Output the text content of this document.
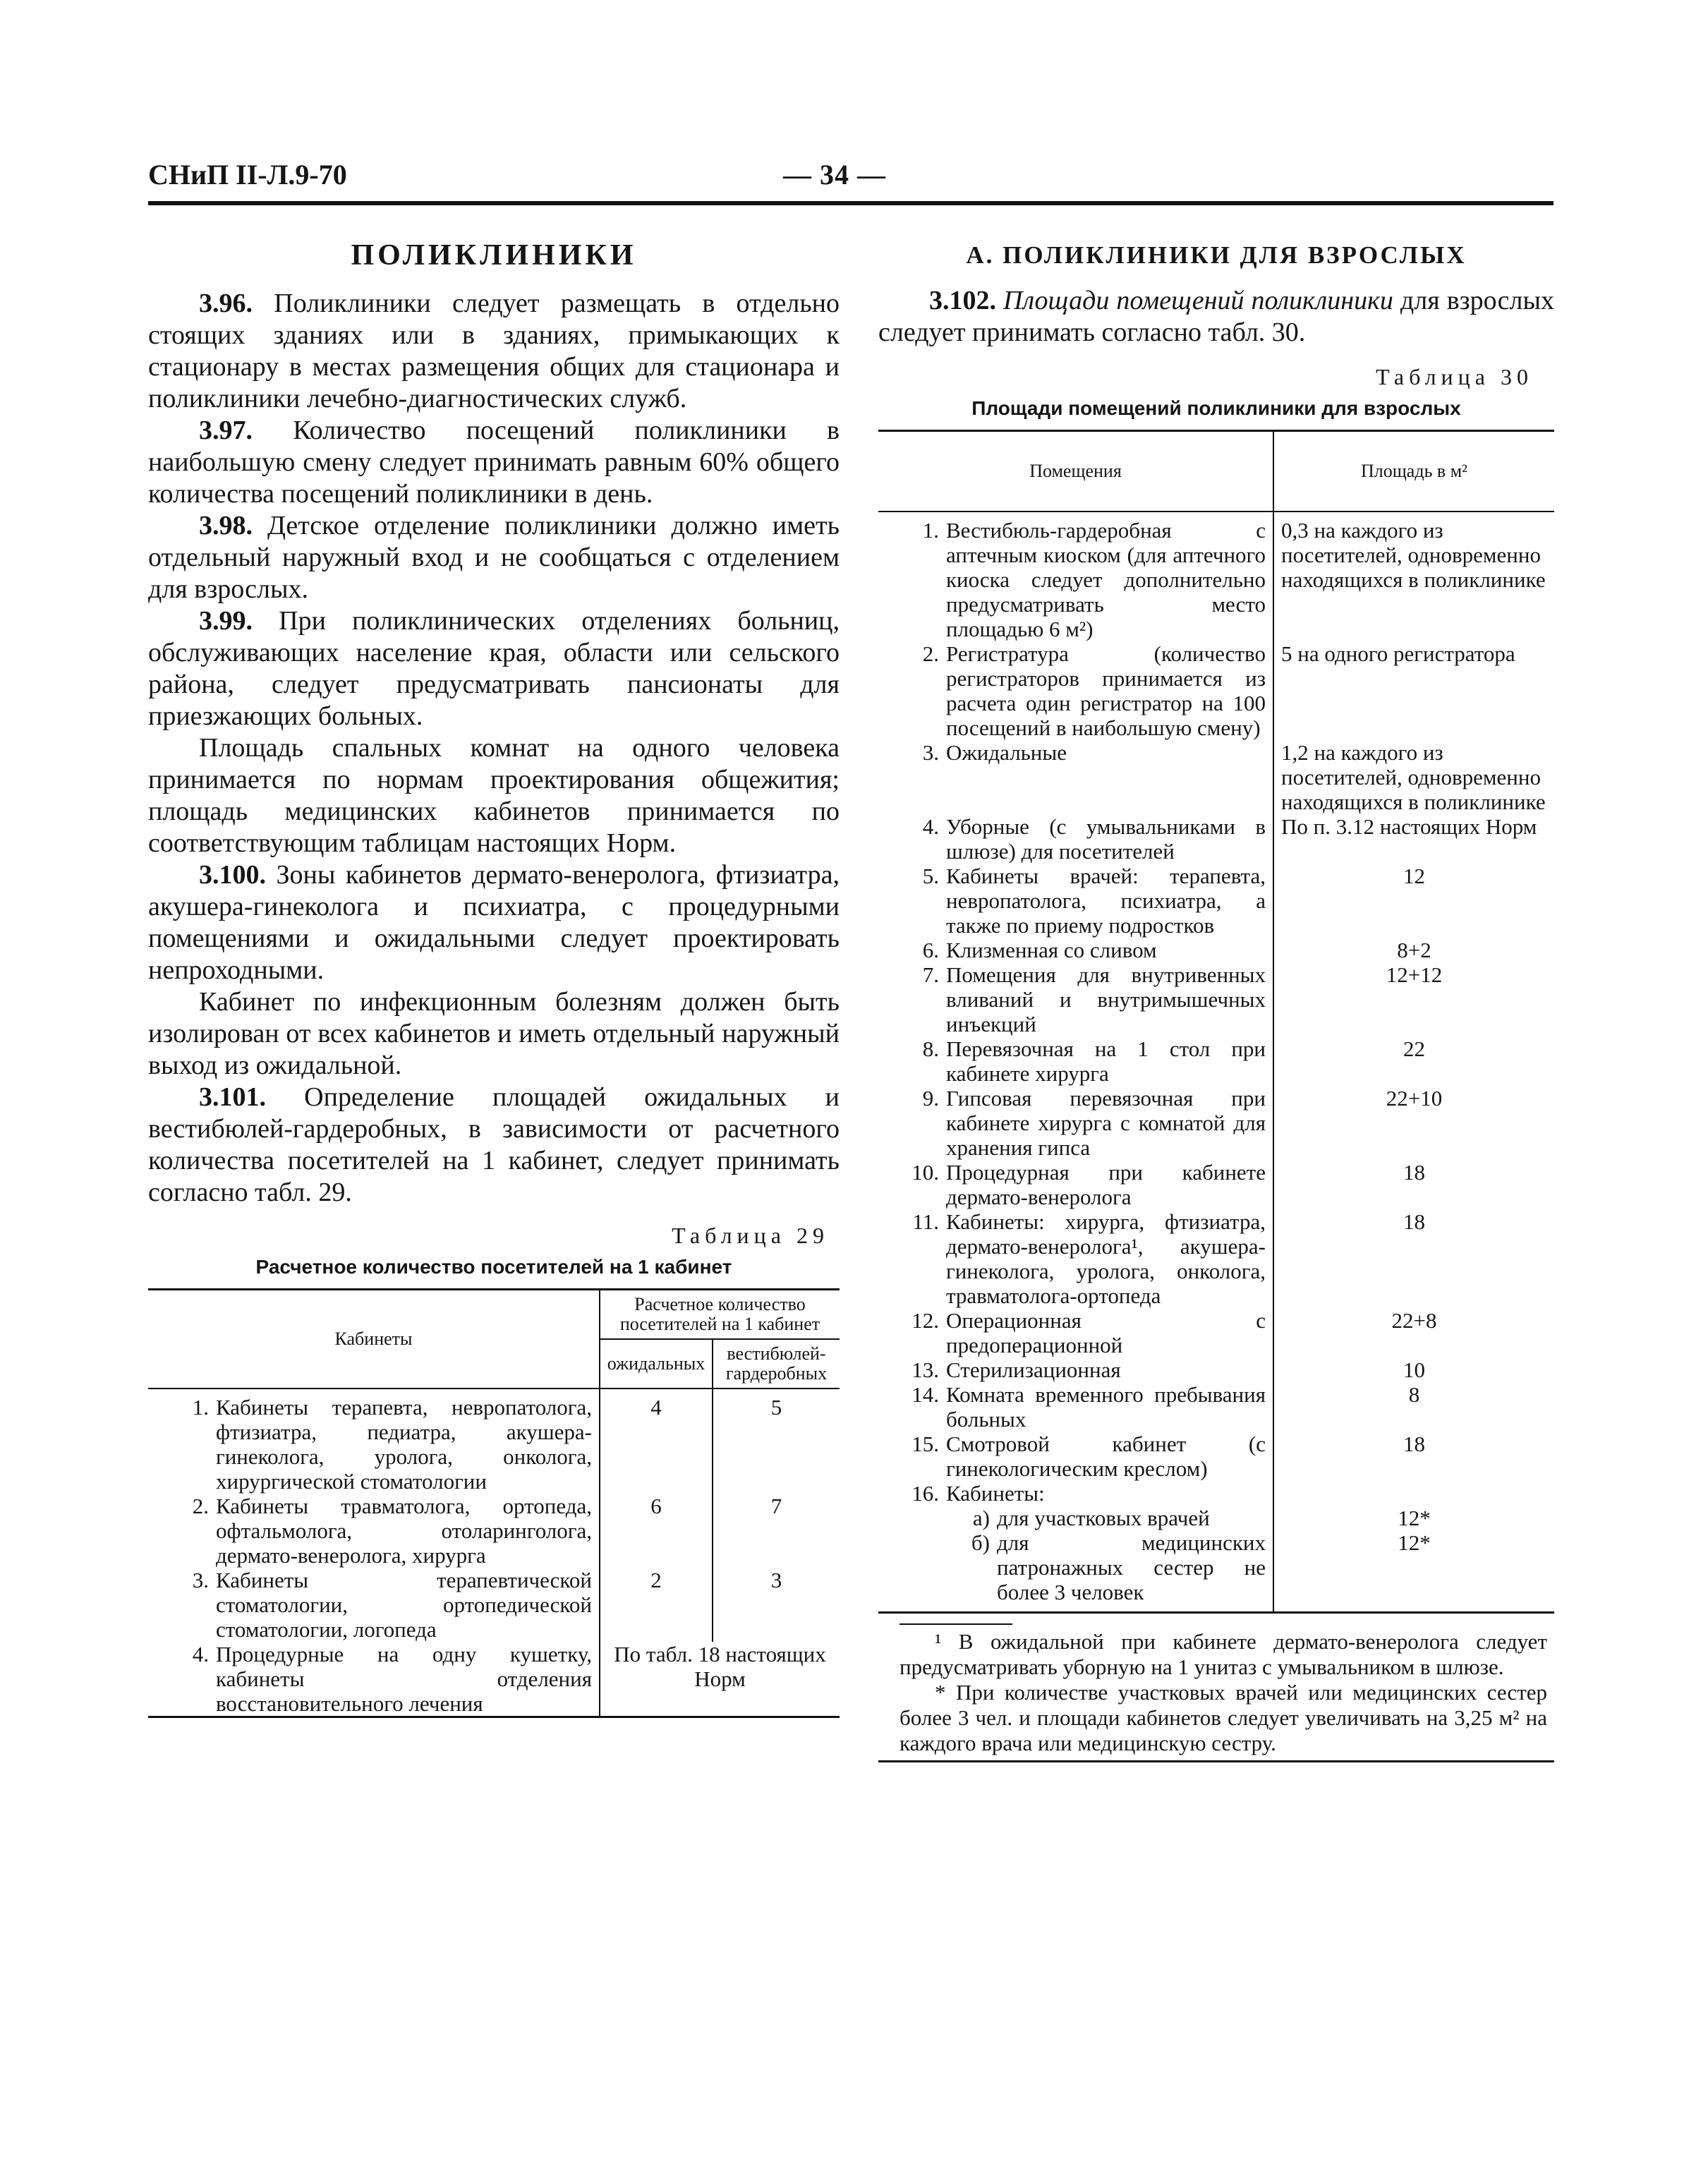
СНиП II-Л.9-70	— 34 —
ПОЛИКЛИНИКИ

3.96. Поликлиники следует размещать в отдельно стоящих зданиях или в зданиях, примыкающих к стационару в местах размещения общих для стационара и поликлиники лечебно-диагностических служб.

3.97. Количество посещений поликлиники в наибольшую смену следует принимать равным 60% общего количества посещений поликлиники в день.

3.98. Детское отделение поликлиники должно иметь отдельный наружный вход и не сообщаться с отделением для взрослых.

3.99. При поликлинических отделениях больниц, обслуживающих население края, области или сельского района, следует предусматривать пансионаты для приезжающих больных.

Площадь спальных комнат на одного человека принимается по нормам проектирования общежития; площадь медицинских кабинетов принимается по соответствующим таблицам настоящих Норм.

3.100. Зоны кабинетов дермато-венеролога, фтизиатра, акушера-гинеколога и психиатра, с процедурными помещениями и ожидальными следует проектировать непроходными.

Кабинет по инфекционным болезням должен быть изолирован от всех кабинетов и иметь отдельный наружный выход из ожидальной.

3.101. Определение площадей ожидальных и вестибюлей-гардеробных, в зависимости от расчетного количества посетителей на 1 кабинет, следует принимать согласно табл. 29.

Таблица 29
Расчетное количество посетителей на 1 кабинет
Кабинеты	Расчетное количество посетителей на 1 кабинет	
	ожидальных	вестибюлей-гардеробных

1. Кабинеты терапевта, невропатолога, фтизиатра, педиатра, акушера-гинеколога, уролога, онколога, хирургической стоматологии	4	5

2. Кабинеты травматолога, ортопеда, офтальмолога, отоларинголога, дермато-венеролога, хирурга	6	7

3. Кабинеты терапевтической стоматологии, ортопедической стоматологии, логопеда	2	3

4. Процедурные на одну кушетку, кабинеты отделения восстановительного лечения	По табл. 18 настоящих Норм	
А. ПОЛИКЛИНИКИ ДЛЯ ВЗРОСЛЫХ

3.102. Площади помещений поликлиники для взрослых следует принимать согласно табл. 30.

Таблица 30
Площади помещений поликлиники для взрослых
Помещения	Площадь в м²

1. Вестибюль-гардеробная с аптечным киоском (для аптечного киоска следует дополнительно предусматривать место площадью 6 м²)	0,3 на каждого из посетителей, одновременно находящихся в поликлинике

2. Регистратура (количество регистраторов принимается из расчета один регистратор на 100 посещений в наибольшую смену)	5 на одного регистратора

3. Ожидальные	1,2 на каждого из посетителей, одновременно находящихся в поликлинике

4. Уборные (с умывальниками в шлюзе) для посетителей	По п. 3.12 настоящих Норм

5. Кабинеты врачей: терапевта, невропатолога, психиатра, а также по приему подростков	12

6. Клизменная со сливом	8+2

7. Помещения для внутривенных вливаний и внутримышечных инъекций	12+12

8. Перевязочная на 1 стол при кабинете хирурга	22

9. Гипсовая перевязочная при кабинете хирурга с комнатой для хранения гипса	22+10

10. Процедурная при кабинете дермато-венеролога	18

11. Кабинеты: хирурга, фтизиатра, дермато-венеролога¹, акушера-гинеколога, уролога, онколога, травматолога-ортопеда	18

12. Операционная с предоперационной	22+8

13. Стерилизационная	10

14. Комната временного пребывания больных	8

15. Смотровой кабинет (с гинекологическим креслом)	18

16. Кабинеты:	

а) для участковых врачей	12*

б) для медицинских патронажных сестер не более 3 человек	12*

¹ В ожидальной при кабинете дермато-венеролога следует предусматривать уборную на 1 унитаз с умывальником в шлюзе.

* При количестве участковых врачей или медицинских сестер более 3 чел. и площади кабинетов следует увеличивать на 3,25 м² на каждого врача или медицинскую сестру.
